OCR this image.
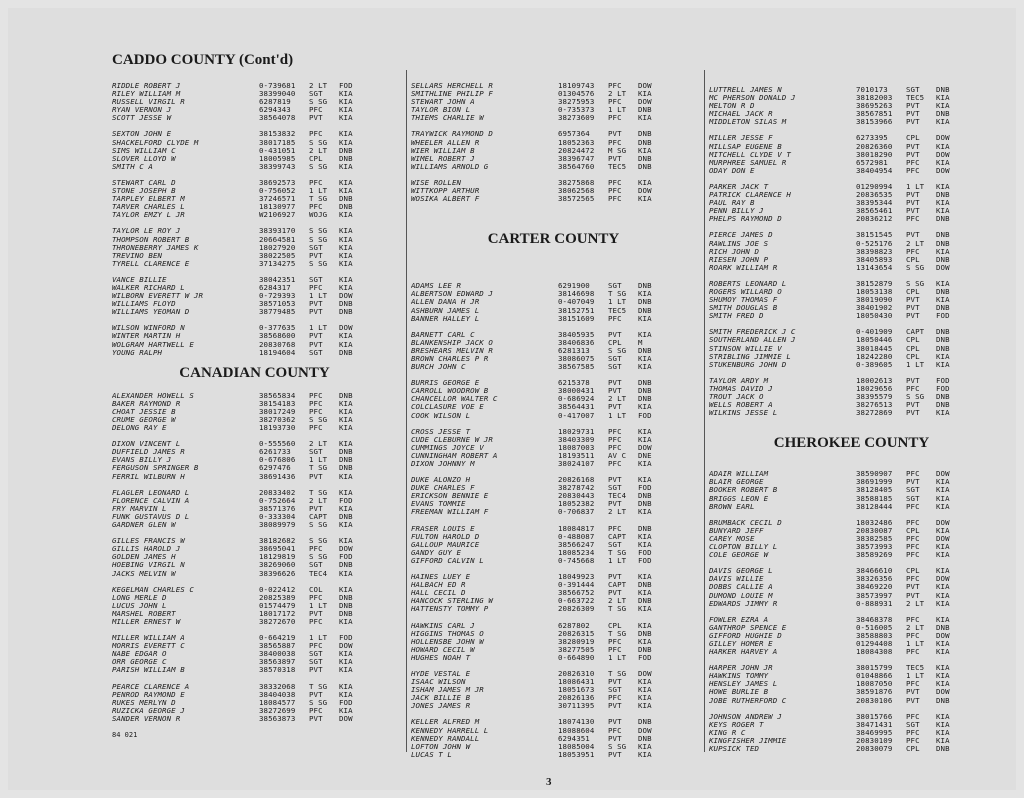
CADDO COUNTY (Cont'd)
RIDDLE ROBERT J	0-739681	2 LT	FOD
RILEY WILLIAM M	38399040	SGT	KIA
RUSSELL VIRGIL R	6287819	S SG	KIA
RYAN VERNON J	6294343	PFC	KIA
SCOTT JESSE W	38564078	PVT	KIA
SEXTON JOHN E	38153832	PFC	KIA
SHACKELFORD CLYDE M	38017185	S SG	KIA
SIMS WILLIAM C	0-431051	2 LT	DNB
SLOVER LLOYD W	18005985	CPL	DNB
SMITH C A	38399743	S SG	KIA
STEWART CARL D	38692573	PFC	KIA
STONE JOSEPH B	0-756052	1 LT	KIA
TARPLEY ELBERT M	37246571	T SG	DNB
TARVER CHARLES L	18130977	PFC	DNB
TAYLOR EMZY L JR	W2106927	WOJG	KIA
TAYLOR LE ROY J	38393170	S SG	KIA
THOMPSON ROBERT B	20664581	S SG	KIA
THRONEBERRY JAMES K	18027920	SGT	KIA
TREVINO BEN	38022505	PVT	KIA
TYRELL CLARENCE E	37134275	S SG	KIA
VANCE BILLIE	38042351	SGT	KIA
WALKER RICHARD L	6284317	PFC	KIA
WILBORN EVERETT W JR	0-729393	1 LT	DOW
WILLIAMS FLOYD	38571053	PVT	DNB
WILLIAMS YEOMAN D	38779485	PVT	DNB
WILSON WINFORD N	0-377635	1 LT	DOW
WINTER MARTIN H	38568600	PVT	KIA
WOLGRAM HARTWELL E	20830768	PVT	KIA
YOUNG RALPH	18194604	SGT	DNB
CANADIAN COUNTY
ALEXANDER HOWELL S	38565834	PFC	DNB
BAKER RAYMOND R	38154183	PFC	KIA
CHOAT JESSIE B	38017249	PFC	KIA
CRUME GEORGE W	38270362	S SG	KIA
DELONG RAY E	18193730	PFC	KIA
DIXON VINCENT L	0-555560	2 LT	KIA
DUFFIELD JAMES R	6261733	SGT	DNB
EVANS BILLY J	0-676806	1 LT	DNB
FERGUSON SPRINGER B	6297476	T SG	DNB
FERRIL WILBURN H	38691436	PVT	KIA
FLAGLER LEONARD L	20833402	T SG	KIA
FLORENCE CALVIN A	0-752664	2 LT	FOD
FRY MARVIN L	38571376	PVT	KIA
FUNK GUSTAVUS D L	0-333304	CAPT	DNB
GARDNER GLEN W	38089979	S SG	KIA
GILLES FRANCIS W	38182682	S SG	KIA
GILLIS HAROLD J	38695041	PFC	DOW
GOLDEN JAMES H	18129819	S SG	FOD
HOEBING VIRGIL N	38269060	SGT	DNB
JACKS MELVIN W	38396626	TEC4	KIA
KEGELMAN CHARLES C	0-022412	COL	KIA
LONG MERLE D	20825389	PFC	DNB
LUCUS JOHN L	01574479	1 LT	DNB
MARSHEL ROBERT	18017172	PVT	DNB
MILLER ERNEST W	38272670	PFC	KIA
MILLER WILLIAM A	0-664219	1 LT	FOD
MORRIS EVERETT C	38565887	PFC	DOW
NABE EDGAR O	38400038	SGT	KIA
ORR GEORGE C	38563897	SGT	KIA
PARISH WILLIAM B	38570318	PVT	KIA
PEARCE CLARENCE A	38332068	T SG	KIA
PENROD RAYMOND E	38404038	PVT	KIA
RUKES MERLYN D	18084577	S SG	FOD
RUZICKA GEORGE J	38272699	PFC	KIA
SANDER VERNON R	38563873	PVT	DOW
84 021
SELLARS HERCHELL R	18109743	PFC	DOW
SMITHLINE PHILIP F	01304576	2 LT	KIA
STEWART JOHN A	38275953	PFC	DOW
TAYLOR BION L	0-735373	1 LT	DNB
THIEMS CHARLIE W	38273609	PFC	KIA
TRAYWICK RAYMOND D	6957364	PVT	DNB
WHEELER ALLEN R	18052363	PFC	DNB
WIER WILLIAM B	20824472	M SG	KIA
WIMEL ROBERT J	38396747	PVT	DNB
WILLIAMS ARNOLD G	38564760	TEC5	DNB
WISE ROLLEN	38275868	PFC	KIA
WITTKOPP ARTHUR	38062568	PFC	DOW
WOSIKA ALBERT F	38572565	PFC	KIA
CARTER COUNTY
ADAMS LEE R	6291900	SGT	DNB
ALBERTSON EDWARD J	38146698	T SG	KIA
ALLEN DANA H JR	0-407049	1 LT	DNB
ASHBURN JAMES L	38152751	TEC5	DNB
BANNER HALLEY L	38151609	PFC	KIA
BARNETT CARL C	38405935	PVT	KIA
BLANKENSHIP JACK O	38406836	CPL	M
BRESHEARS MELVIN R	6281313	S SG	DNB
BROWN CHARLES P R	38086075	SGT	KIA
BURCH JOHN C	38567585	SGT	KIA
BURRIS GEORGE E	6215378	PVT	DNB
CARROLL WOODROW B	38000431	PVT	DNB
CHANCELLOR WALTER C	0-686924	2 LT	DNB
COLCLASURE VOE E	38564431	PVT	KIA
COOK WILSON L	0-417007	1 LT	FOD
CROSS JESSE T	18029731	PFC	KIA
CUDE CLEBURNE W JR	38403309	PFC	KIA
CUMMINGS JOYCE V	18087003	PFC	DOW
CUNNINGHAM ROBERT A	18193511	AV C	DNE
DIXON JOHNNY M	38024107	PFC	KIA
DUKE ALONZO H	20826168	PVT	KIA
DUKE CHARLES F	38278742	SGT	FOD
ERICKSON BENNIE E	20830443	TEC4	DNB
EVANS TOMMIE	18052382	PVT	DNB
FREEMAN WILLIAM F	0-706837	2 LT	KIA
FRASER LOUIS E	18084817	PFC	DNB
FULTON HAROLD D	0-488087	CAPT	KIA
GALLOUP MAURICE	38566247	SGT	KIA
GANDY GUY E	18085234	T SG	FOD
GIFFORD CALVIN L	0-745668	1 LT	FOD
HAINES LUEY E	18049923	PVT	KIA
HALBACH ED R	0-391444	CAPT	DNB
HALL CECIL D	38566752	PVT	KIA
HANCOCK STERLING W	0-663722	2 LT	DNB
HATTENSTY TOMMY P	20826309	T SG	KIA
HAWKINS CARL J	6287802	CPL	KIA
HIGGINS THOMAS O	20826315	T SG	DNB
HOLLENSBE JOHN W	38280919	PFC	KIA
HOWARD CECIL W	38277505	PFC	DNB
HUGHES NOAH T	0-664890	1 LT	FOD
HYDE VESTAL E	20826310	T SG	DOW
ISAAC WILSON	18086431	PVT	KIA
ISHAM JAMES M JR	18051673	SGT	KIA
JACK BILLIE B	20826136	PFC	KIA
JONES JAMES R	30711395	PVT	KIA
KELLER ALFRED M	18074130	PVT	DNB
KENNEDY HARRELL L	18088604	PFC	DOW
KENNEDY RANDALL	6294351	PVT	DNB
LOFTON JOHN W	18085004	S SG	KIA
LUCAS T L	18053951	PVT	KIA
LUTTRELL JAMES N	7010173	SGT	DNB
MC PHERSON DONALD J	38182003	TEC5	KIA
MELTON R D	38695263	PVT	KIA
MICHAEL JACK R	38567851	PVT	DNB
MIDDLETON SILAS M	38153966	PVT	KIA
MILLER JESSE F	6273395	CPL	DOW
MILLSAP EUGENE B	20826360	PVT	KIA
MITCHELL CLYDE V T	38018290	PVT	DOW
MURPHREE SAMUEL R	6572981	PFC	KIA
ODAY DON E	38404954	PFC	DOW
PARKER JACK T	01290994	1 LT	KIA
PATRICK CLARENCE H	20836535	PVT	DNB
PAUL RAY B	38395344	PVT	KIA
PENN BILLY J	38565461	PVT	KIA
PHELPS RAYMOND D	20836212	PFC	DNB
PIERCE JAMES D	38151545	PVT	DNB
RAWLINS JOE S	0-525176	2 LT	DNB
RICH JOHN D	38398823	PFC	KIA
RIESEN JOHN P	38405893	CPL	DNB
ROARK WILLIAM R	13143654	S SG	DOW
ROBERTS LEONARD L	38152879	S SG	KIA
ROGERS WILLARD O	18053138	CPL	DNB
SHUMOY THOMAS F	38019090	PVT	KIA
SMITH DOUGLAS B	38401902	PVT	DNB
SMITH FRED D	18050430	PVT	FOD
SMITH FREDERICK J C	0-401909	CAPT	DNB
SOUTHERLAND ALLEN J	18050446	CPL	DNB
STINSON WILLIE V	38018445	CPL	DNB
STRIBLING JIMMIE L	18242280	CPL	KIA
STUKENBURG JOHN D	0-389605	1 LT	KIA
TAYLOR ARDY M	18002613	PVT	FOD
THOMAS DAVID J	18029656	PFC	FOD
TROUT JACK O	38395579	S SG	DNB
WELLS ROBERT A	38276513	PVT	DNB
WILKINS JESSE L	38272869	PVT	KIA
CHEROKEE COUNTY
ADAIR WILLIAM	38590907	PFC	DOW
BLAIR GEORGE	38691999	PVT	KIA
BOOKER ROBERT B	38128405	SGT	KIA
BRIGGS LEON E	38588185	SGT	KIA
BROWN EARL	38128444	PFC	KIA
BRUMBACK CECIL D	18032486	PFC	DOW
BUNYARD JEFF	20830087	CPL	KIA
CAREY MOSE	38382585	PFC	DOW
CLOPTON BILLY L	38573993	PFC	KIA
COLE GEORGE W	38589269	PFC	KIA
DAVIS GEORGE L	38466610	CPL	KIA
DAVIS WILLIE	38326356	PFC	DOW
DOBBS CALLIE A	38469220	PVT	KIA
DUMOND LOUIE M	38573997	PVT	KIA
EDWARDS JIMMY R	0-888931	2 LT	KIA
FOWLER EZRA A	38468378	PFC	KIA
GANTHROP SPENCE E	0-516005	2 LT	DNB
GIFFORD HUGHIE D	38588803	PFC	DOW
GILLEY HOMER E	01294408	1 LT	KIA
HARKER HARVEY A	18084308	PFC	KIA
HARPER JOHN JR	38015799	TEC5	KIA
HAWKINS TOMMY	01048866	1 LT	KIA
HENSLEY JAMES L	18087050	PFC	KIA
HOWE BURLIE B	38591876	PVT	DOW
JOBE RUTHERFORD C	20830106	PVT	DNB
JOHNSON ANDREW J	38015766	PFC	KIA
KEYS ROGER T	38471431	SGT	KIA
KING R C	38469995	PFC	KIA
KINGFISHER JIMMIE	20830109	PFC	KIA
KUPSICK TED	20830079	CPL	DNB
3
